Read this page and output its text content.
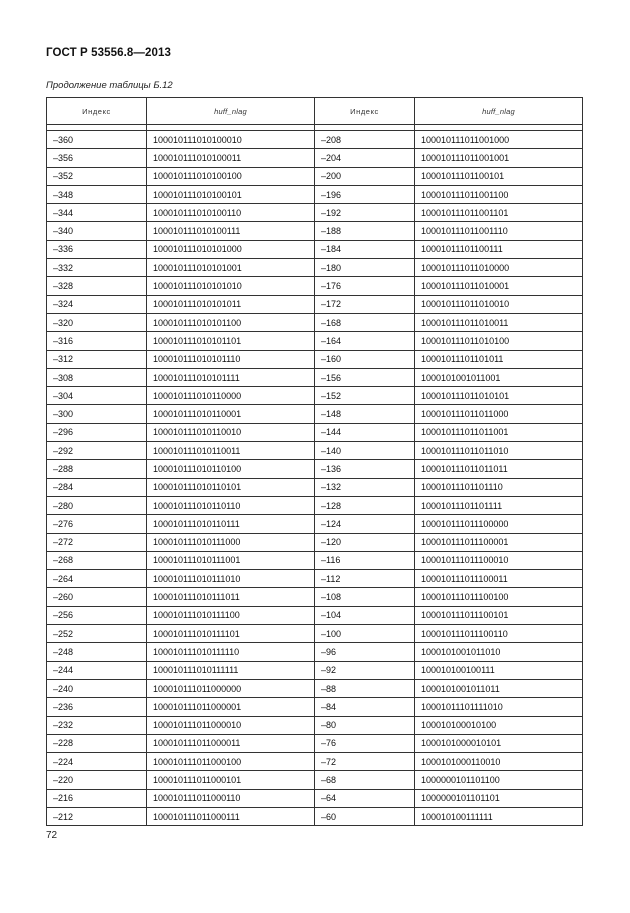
ГОСТ Р 53556.8—2013
Продолжение таблицы Б.12
Индекс	huff_nlag	Индекс	huff_nlag

–360	100010111010100010	–208	100010111011001000
–356	100010111010100011	–204	100010111011001001
–352	100010111010100100	–200	10001011101100101
–348	100010111010100101	–196	100010111011001100
–344	100010111010100110	–192	100010111011001101
–340	100010111010100111	–188	100010111011001110
–336	100010111010101000	–184	10001011101100111
–332	100010111010101001	–180	100010111011010000
–328	100010111010101010	–176	100010111011010001
–324	100010111010101011	–172	100010111011010010
–320	100010111010101100	–168	100010111011010011
–316	100010111010101101	–164	100010111011010100
–312	100010111010101110	–160	10001011101101011
–308	100010111010101111	–156	1000101001011001
–304	100010111010110000	–152	100010111011010101
–300	100010111010110001	–148	100010111011011000
–296	100010111010110010	–144	100010111011011001
–292	100010111010110011	–140	100010111011011010
–288	100010111010110100	–136	100010111011011011
–284	100010111010110101	–132	10001011101101110
–280	100010111010110110	–128	10001011101101111
–276	100010111010110111	–124	100010111011100000
–272	100010111010111000	–120	100010111011100001
–268	100010111010111001	–116	100010111011100010
–264	100010111010111010	–112	100010111011100011
–260	100010111010111011	–108	100010111011100100
–256	100010111010111100	–104	100010111011100101
–252	100010111010111101	–100	100010111011100110
–248	100010111010111110	–96	1000101001011010
–244	100010111010111111	–92	100010100100111
–240	100010111011000000	–88	1000101001011011
–236	100010111011000001	–84	10001011101111010
–232	100010111011000010	–80	100010100010100
–228	100010111011000011	–76	1000101000010101
–224	100010111011000100	–72	1000101000110010
–220	100010111011000101	–68	1000000101101100
–216	100010111011000110	–64	1000000101101101
–212	100010111011000111	–60	100010100111111
72
